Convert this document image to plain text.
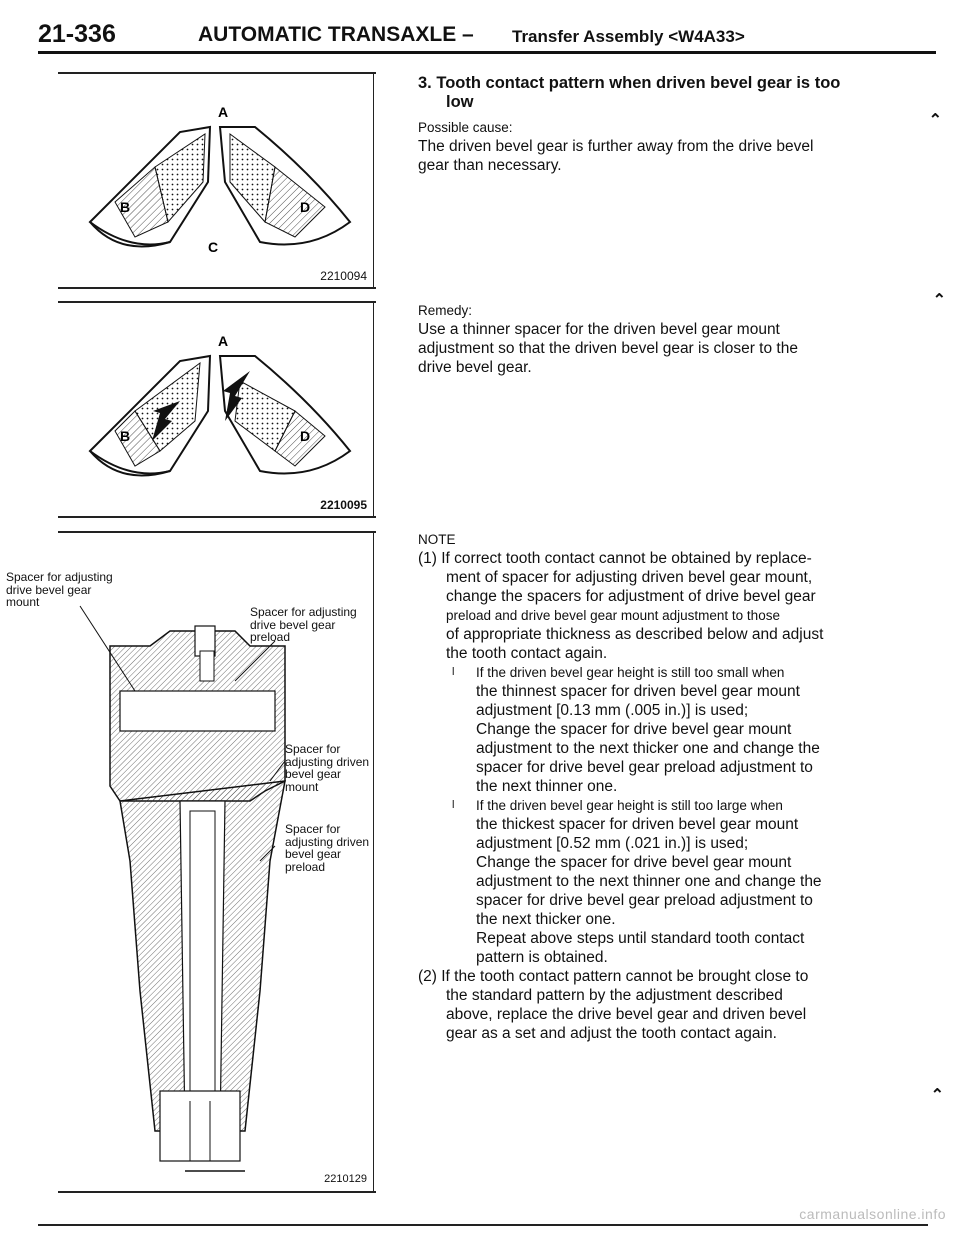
21-336	AUTOMATIC TRANSAXLE – Transfer Assembly <W4A33>
A
B
C
D
2210094
A
B	D
2210095
Spacer for adjusting drive bevel gear mount
Spacer for adjusting drive bevel gear preload
Spacer for adjusting driven bevel gear mount
Spacer for adjusting driven bevel gear preload
2210129

3. Tooth contact pattern when driven bevel gear is too

low

Possible cause:

The driven bevel gear is further away from the drive bevel

gear than necessary.

Remedy:

Use a thinner spacer for the driven bevel gear mount

adjustment so that the driven bevel gear is closer to the

drive bevel gear.

NOTE

(1) If correct tooth contact cannot be obtained by replace-

ment of spacer for adjusting driven bevel gear mount,

change the spacers for adjustment of drive bevel gear

preload and drive bevel gear mount adjustment to those

of appropriate thickness as described below and adjust

the tooth contact again.

l If the driven bevel gear height is still too small when

the thinnest spacer for driven bevel gear mount

adjustment [0.13 mm (.005 in.)] is used;

Change the spacer for drive bevel gear mount

adjustment to the next thicker one and change the

spacer for drive bevel gear preload adjustment to

the next thinner one.

l If the driven bevel gear height is still too large when

the thickest spacer for driven bevel gear mount

adjustment [0.52 mm (.021 in.)] is used;

Change the spacer for drive bevel gear mount

adjustment to the next thinner one and change the

spacer for drive bevel gear preload adjustment to

the next thicker one.

Repeat above steps until standard tooth contact

pattern is obtained.

(2) If the tooth contact pattern cannot be brought close to

the standard pattern by the adjustment described

above, replace the drive bevel gear and driven bevel

gear as a set and adjust the tooth contact again.

⌃
⌃
⌃
carmanualsonline.info
